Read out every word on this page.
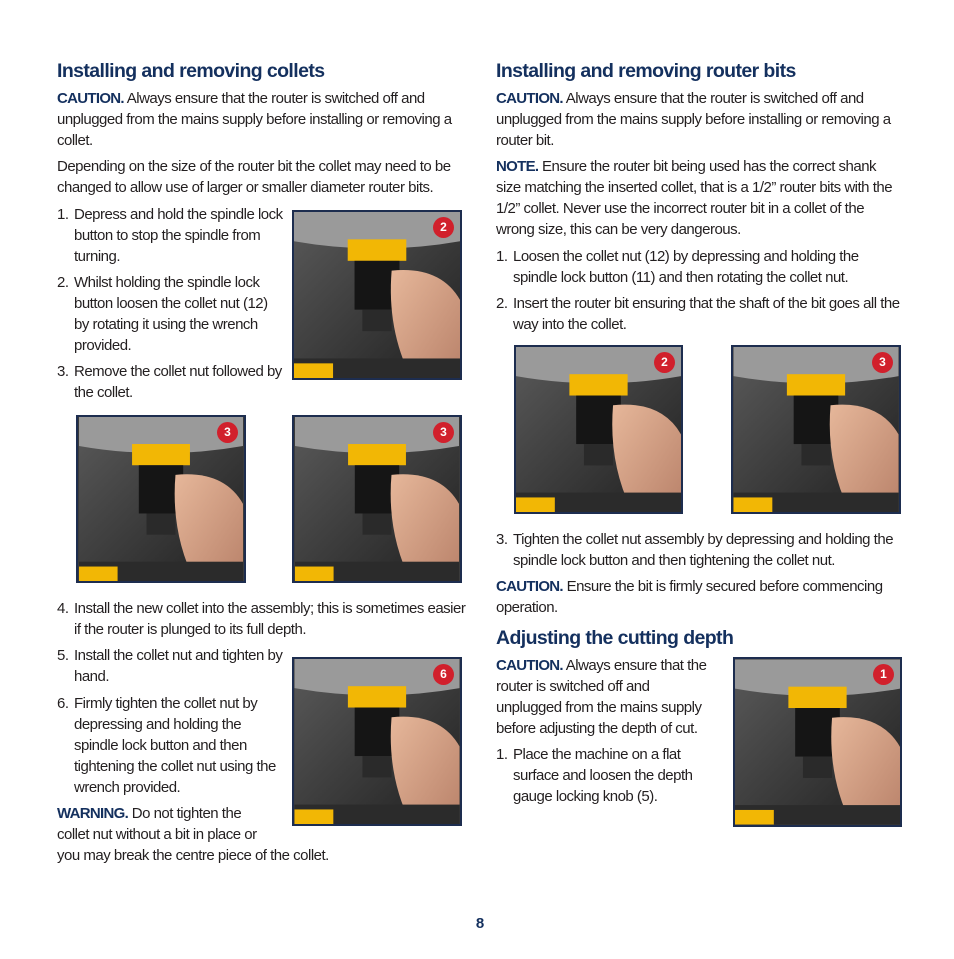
Installing and removing collets

CAUTION. Always ensure that the router is switched off and unplugged from the mains supply before installing or removing a collet.

Depending on the size of the router bit the collet may need to be changed to allow use of larger or smaller diameter router bits.

1. Depress and hold the spindle lock button to stop the spindle from turning.
2. Whilst holding the spindle lock button loosen the collet nut (12) by rotating it using the wrench provided.
3. Remove the collet nut followed by the collet.
2
3	3
4. Install the new collet into the assembly; this is sometimes easier if the router is plunged to its full depth.
5. Install the collet nut and tighten by hand.
6. Firmly tighten the collet nut by depressing and holding the spindle lock button and then tightening the collet nut using the wrench provided.
6

WARNING. Do not tighten the collet nut without a bit in place or

you may break the centre piece of the collet.

Installing and removing router bits

CAUTION. Always ensure that the router is switched off and unplugged from the mains supply before installing or removing a router bit.

NOTE. Ensure the router bit being used has the correct shank size matching the inserted collet, that is a 1/2” router bits with the 1/2” collet. Never use the incorrect router bit in a collet of the wrong size, this can be very dangerous.

1. Loosen the collet nut (12) by depressing and holding the spindle lock button (11) and then rotating the collet nut.
2. Insert the router bit ensuring that the shaft of the bit goes all the way into the collet.
2	3
3. Tighten the collet nut assembly by depressing and holding the spindle lock button and then tightening the collet nut.

CAUTION. Ensure the bit is firmly secured before commencing operation.

Adjusting the cutting depth

CAUTION. Always ensure that the router is switched off and unplugged from the mains supply before adjusting the depth of cut.

1. Place the machine on a flat surface and loosen the depth gauge locking knob (5).
1
8
